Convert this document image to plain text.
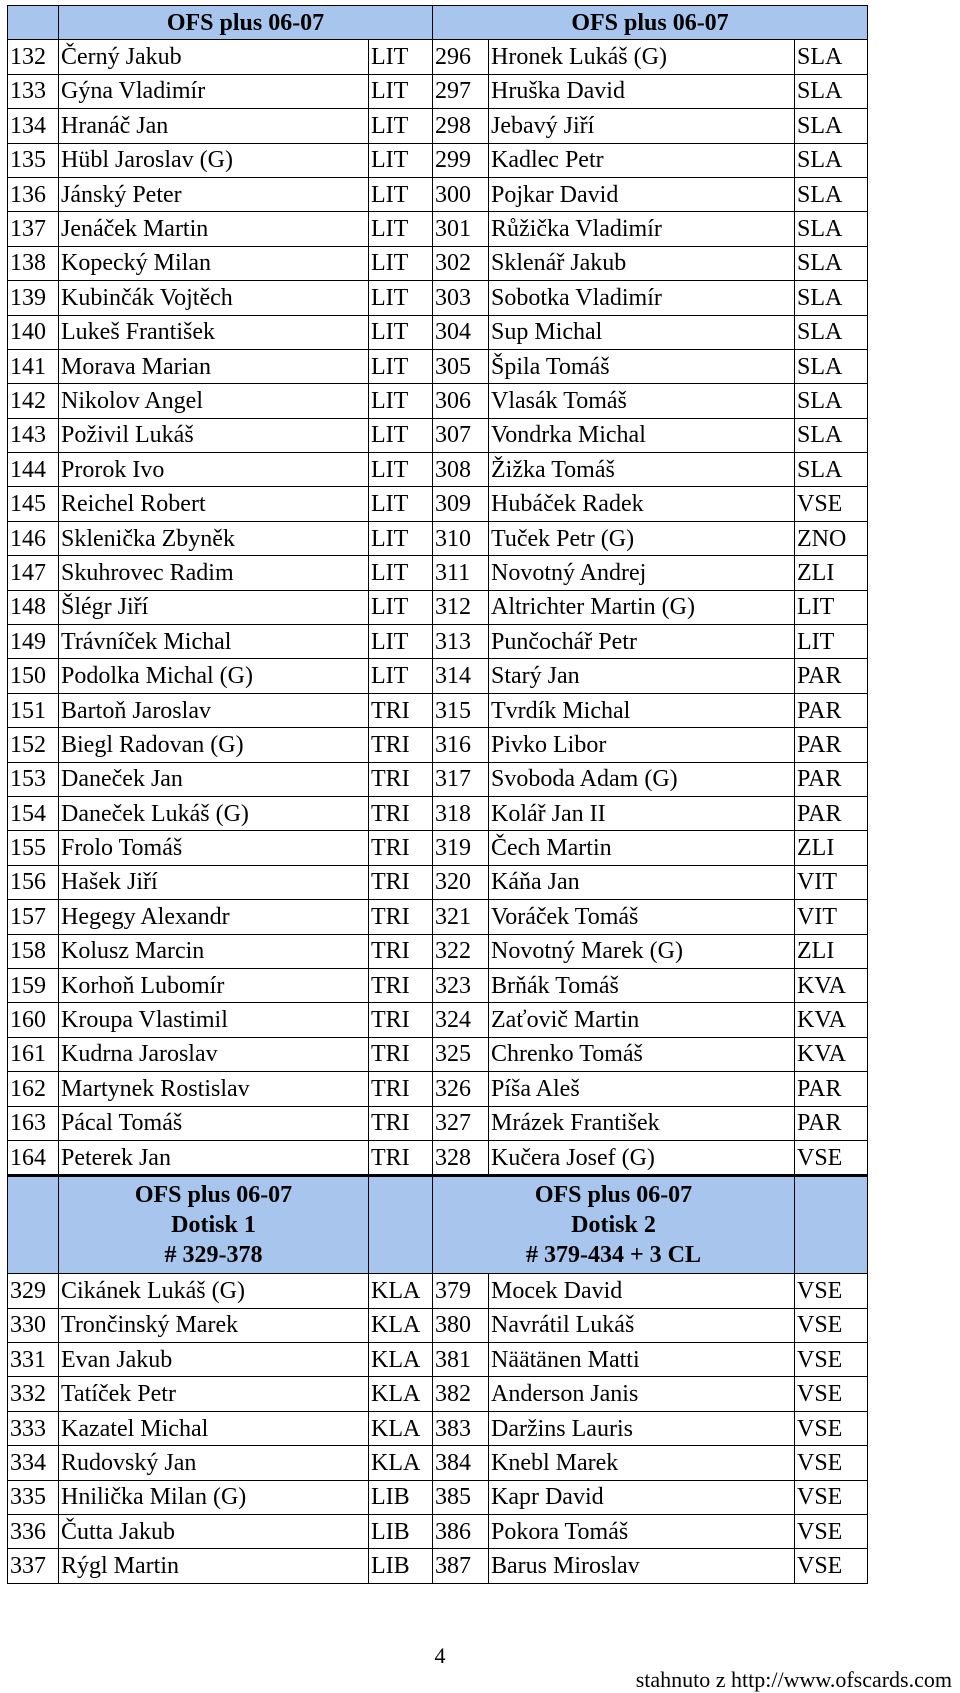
	OFS plus 06-07		OFS plus 06-07		
132	Černý Jakub	LIT	296	Hronek Lukáš (G)	SLA
133	Gýna Vladimír	LIT	297	Hruška David	SLA
134	Hranáč Jan	LIT	298	Jebavý Jiří	SLA
135	Hübl Jaroslav (G)	LIT	299	Kadlec Petr	SLA
136	Jánský Peter	LIT	300	Pojkar David	SLA
137	Jenáček Martin	LIT	301	Růžička Vladimír	SLA
138	Kopecký Milan	LIT	302	Sklenář Jakub	SLA
139	Kubinčák Vojtěch	LIT	303	Sobotka Vladimír	SLA
140	Lukeš František	LIT	304	Sup Michal	SLA
141	Morava Marian	LIT	305	Špila Tomáš	SLA
142	Nikolov Angel	LIT	306	Vlasák Tomáš	SLA
143	Poživil Lukáš	LIT	307	Vondrka Michal	SLA
144	Prorok Ivo	LIT	308	Žižka Tomáš	SLA
145	Reichel Robert	LIT	309	Hubáček Radek	VSE
146	Sklenička Zbyněk	LIT	310	Tuček Petr (G)	ZNO
147	Skuhrovec Radim	LIT	311	Novotný Andrej	ZLI
148	Šlégr Jiří	LIT	312	Altrichter Martin (G)	LIT
149	Trávníček Michal	LIT	313	Punčochář Petr	LIT
150	Podolka Michal (G)	LIT	314	Starý Jan	PAR
151	Bartoň Jaroslav	TRI	315	Tvrdík Michal	PAR
152	Biegl Radovan (G)	TRI	316	Pivko Libor	PAR
153	Daneček Jan	TRI	317	Svoboda Adam (G)	PAR
154	Daneček Lukáš (G)	TRI	318	Kolář Jan II	PAR
155	Frolo Tomáš	TRI	319	Čech Martin	ZLI
156	Hašek Jiří	TRI	320	Káňa Jan	VIT
157	Hegegy Alexandr	TRI	321	Voráček Tomáš	VIT
158	Kolusz Marcin	TRI	322	Novotný Marek (G)	ZLI
159	Korhoň Lubomír	TRI	323	Brňák Tomáš	KVA
160	Kroupa Vlastimil	TRI	324	Zaťovič Martin	KVA
161	Kudrna Jaroslav	TRI	325	Chrenko Tomáš	KVA
162	Martynek Rostislav	TRI	326	Píša Aleš	PAR
163	Pácal Tomáš	TRI	327	Mrázek František	PAR
164	Peterek Jan	TRI	328	Kučera Josef (G)	VSE

	OFS plus 06-07
Dotisk 1
# 329-378		OFS plus 06-07
Dotisk 2
# 379-434 + 3 CL		

329	Cikánek Lukáš (G)	KLA	379	Mocek David	VSE
330	Trončinský Marek	KLA	380	Navrátil Lukáš	VSE
331	Evan Jakub	KLA	381	Näätänen Matti	VSE
332	Tatíček Petr	KLA	382	Anderson Janis	VSE
333	Kazatel Michal	KLA	383	Daržins Lauris	VSE
334	Rudovský Jan	KLA	384	Knebl Marek	VSE
335	Hnilička Milan (G)	LIB	385	Kapr David	VSE
336	Čutta Jakub	LIB	386	Pokora Tomáš	VSE
337	Rýgl Martin	LIB	387	Barus Miroslav	VSE
4
stahnuto z http://www.ofscards.com
